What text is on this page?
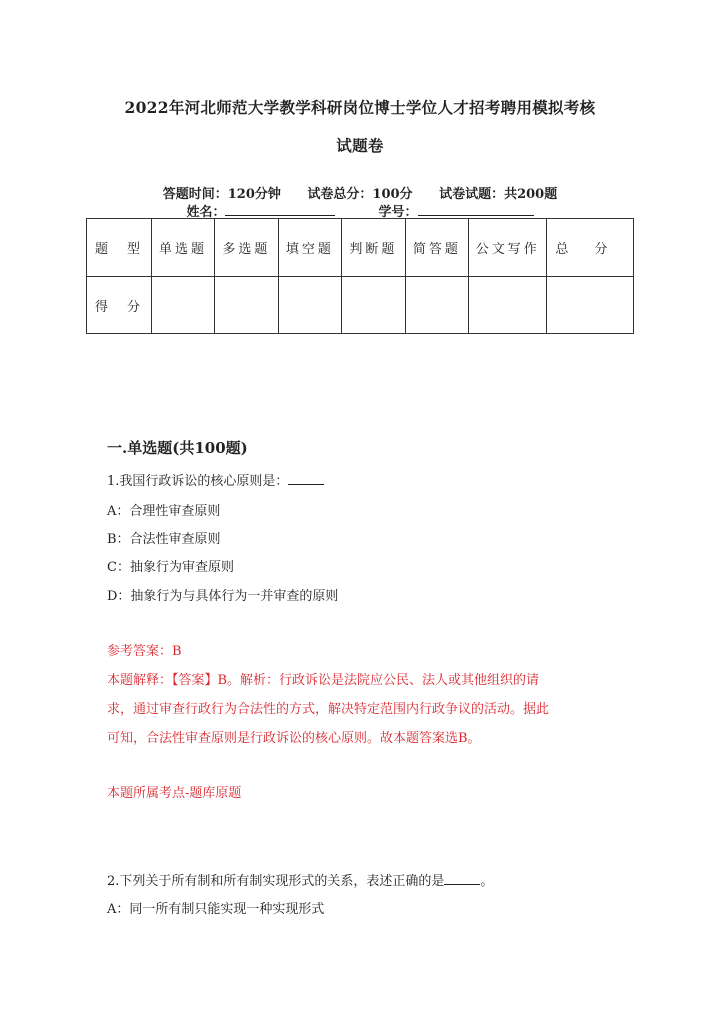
2022年河北师范大学教学科研岗位博士学位人才招考聘用模拟考核
试题卷
答题时间：120分钟 试卷总分：100分 试卷试题：共200题
姓名：	学号：
题　型	单选题	多选题	填空题	判断题	简答题	公文写作	总　　分
得　分							
一.单选题(共100题)
1.我国行政诉讼的核心原则是：
A：合理性审查原则
B：合法性审查原则
C：抽象行为审查原则
D：抽象行为与具体行为一并审查的原则
参考答案：B
本题解释：【答案】B。解析：行政诉讼是法院应公民、法人或其他组织的请
求，通过审查行政行为合法性的方式，解决特定范围内行政争议的活动。据此
可知，合法性审查原则是行政诉讼的核心原则。故本题答案选B。
本题所属考点-题库原题
2.下列关于所有制和所有制实现形式的关系，表述正确的是	。
A：同一所有制只能实现一种实现形式
